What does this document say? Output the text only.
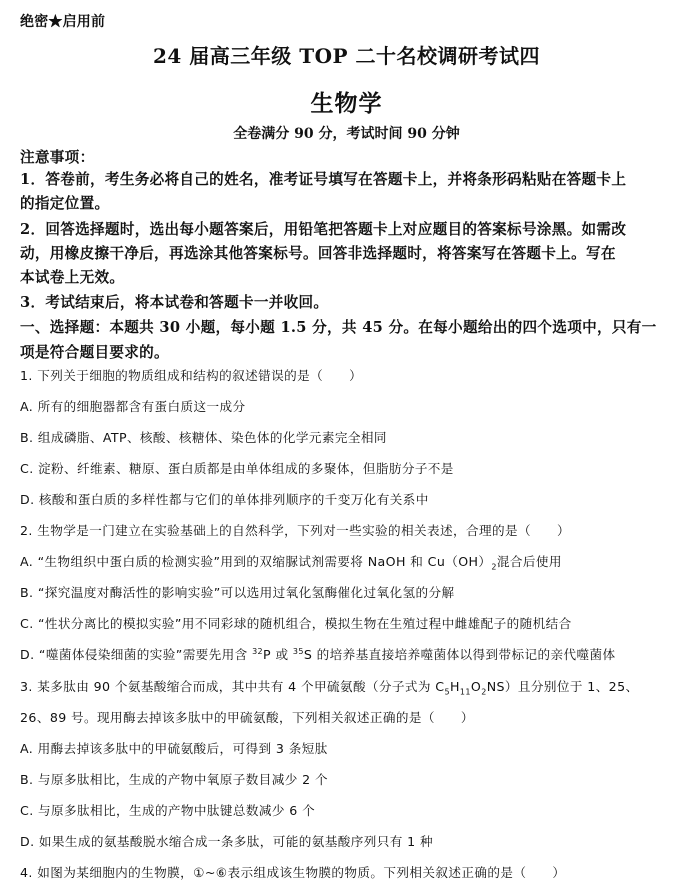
绝密★启用前
24 届高三年级 TOP 二十名校调研考试四
生物学
全卷满分 90 分，考试时间 90 分钟
注意事项：
1．答卷前，考生务必将自己的姓名，准考证号填写在答题卡上，并将条形码粘贴在答题卡上
的指定位置。
2．回答选择题时，选出每小题答案后，用铅笔把答题卡上对应题目的答案标号涂黑。如需改
动，用橡皮擦干净后，再选涂其他答案标号。回答非选择题时，将答案写在答题卡上。写在
本试卷上无效。
3．考试结束后，将本试卷和答题卡一并收回。
一、选择题：本题共 30 小题，每小题 1.5 分，共 45 分。在每小题给出的四个选项中，只有一
项是符合题目要求的。
1. 下列关于细胞的物质组成和结构的叙述错误的是（　　）
A. 所有的细胞器都含有蛋白质这一成分
B. 组成磷脂、ATP、核酸、核糖体、染色体的化学元素完全相同
C. 淀粉、纤维素、糖原、蛋白质都是由单体组成的多聚体，但脂肪分子不是
D. 核酸和蛋白质的多样性都与它们的单体排列顺序的千变万化有关系中
2. 生物学是一门建立在实验基础上的自然科学，下列对一些实验的相关表述，合理的是（　　）
A. “生物组织中蛋白质的检测实验”用到的双缩脲试剂需要将 NaOH 和 $Cu(OH)_2$混合后使用
B. “探究温度对酶活性的影响实验”可以选用过氧化氢酶催化过氧化氢的分解
C. “性状分离比的模拟实验”用不同彩球的随机组合，模拟生物在生殖过程中雌雄配子的随机结合
D. “噬菌体侵染细菌的实验”需要先用含 $^{32}$P 或 $^{35}$S 的培养基直接培养噬菌体以得到带标记的亲代噬菌体
3. 某多肽由 90 个氨基酸缩合而成，其中共有 4 个甲硫氨酸（分子式为 $C_5H_{11}O_2NS$）且分别位于 1、25、
26、89 号。现用酶去掉该多肽中的甲硫氨酸，下列相关叙述正确的是（　　）
A. 用酶去掉该多肽中的甲硫氨酸后，可得到 3 条短肽
B. 与原多肽相比，生成的产物中氧原子数目减少 2 个
C. 与原多肽相比，生成的产物中肽键总数减少 6 个
D. 如果生成的氨基酸脱水缩合成一条多肽，可能的氨基酸序列只有 1 种
4. 如图为某细胞内的生物膜，①~⑥表示组成该生物膜的物质。下列相关叙述正确的是（　　）
